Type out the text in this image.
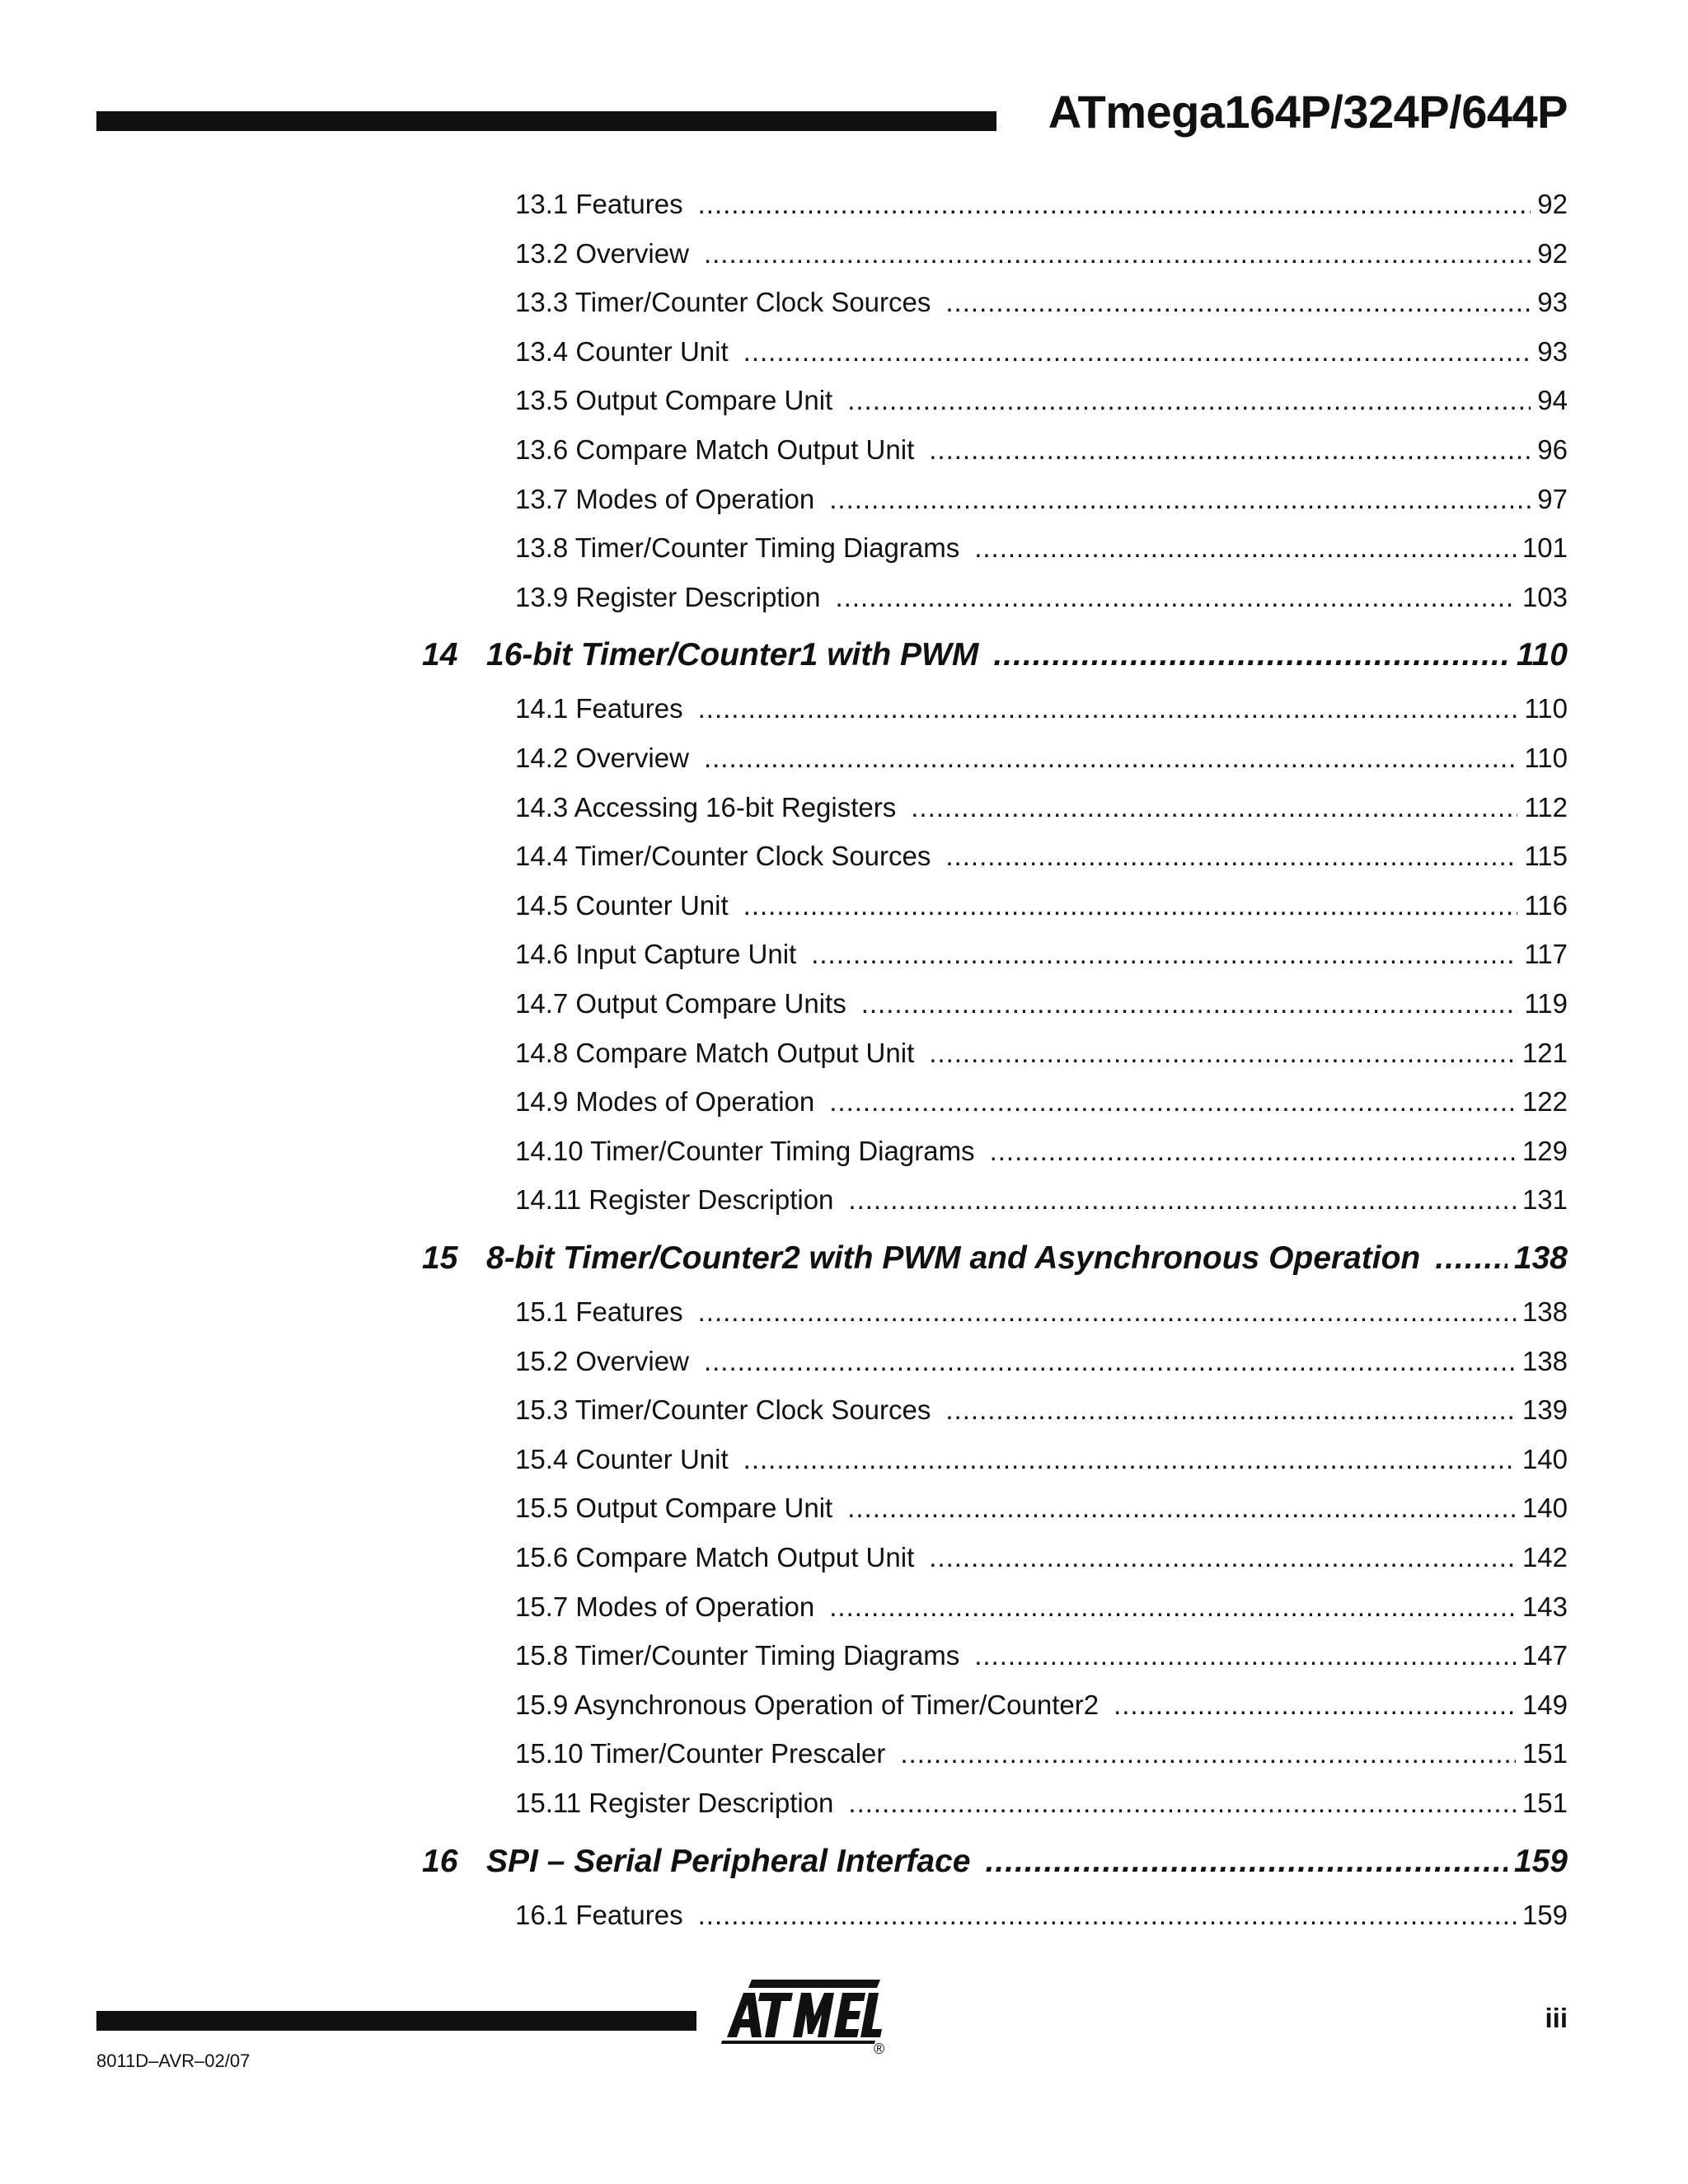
ATmega164P/324P/644P
13.1 Features .....	92
13.2 Overview .....	92
13.3 Timer/Counter Clock Sources .....	93
13.4 Counter Unit .....	93
13.5 Output Compare Unit .....	94
13.6 Compare Match Output Unit .....	96
13.7 Modes of Operation .....	97
13.8 Timer/Counter Timing Diagrams .....	101
13.9 Register Description .....	103
14 16-bit Timer/Counter1 with PWM .....	110
14.1 Features .....	110
14.2 Overview .....	110
14.3 Accessing 16-bit Registers .....	112
14.4 Timer/Counter Clock Sources .....	115
14.5 Counter Unit .....	116
14.6 Input Capture Unit .....	117
14.7 Output Compare Units .....	119
14.8 Compare Match Output Unit .....	121
14.9 Modes of Operation .....	122
14.10 Timer/Counter Timing Diagrams .....	129
14.11 Register Description .....	131
15 8-bit Timer/Counter2 with PWM and Asynchronous Operation .....	138
15.1 Features .....	138
15.2 Overview .....	138
15.3 Timer/Counter Clock Sources .....	139
15.4 Counter Unit .....	140
15.5 Output Compare Unit .....	140
15.6 Compare Match Output Unit .....	142
15.7 Modes of Operation .....	143
15.8 Timer/Counter Timing Diagrams .....	147
15.9 Asynchronous Operation of Timer/Counter2 .....	149
15.10 Timer/Counter Prescaler .....	151
15.11 Register Description .....	151
16 SPI – Serial Peripheral Interface .....	159
16.1 Features .....	159
®
iii
8011D–AVR–02/07
